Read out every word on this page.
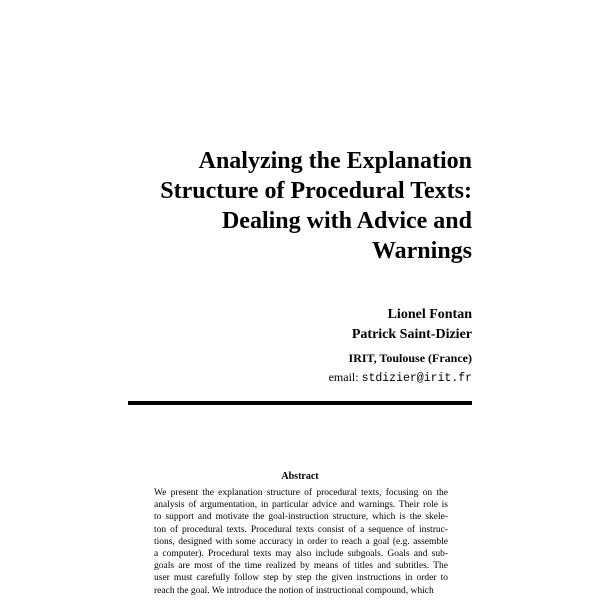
Analyzing the Explanation
Structure of Procedural Texts:
Dealing with Advice and
Warnings
Lionel Fontan
Patrick Saint-Dizier
IRIT, Toulouse (France)
email: stdizier@irit.fr
Abstract
We present the explanation structure of procedural texts, focusing on the
analysis of argumentation, in particular advice and warnings. Their role is
to support and motivate the goal-instruction structure, which is the skele-
ton of procedural texts. Procedural texts consist of a sequence of instruc-
tions, designed with some accuracy in order to reach a goal (e.g. assemble
a computer). Procedural texts may also include subgoals. Goals and sub-
goals are most of the time realized by means of titles and subtitles. The
user must carefully follow step by step the given instructions in order to
reach the goal. We introduce the notion of instructional compound, which
